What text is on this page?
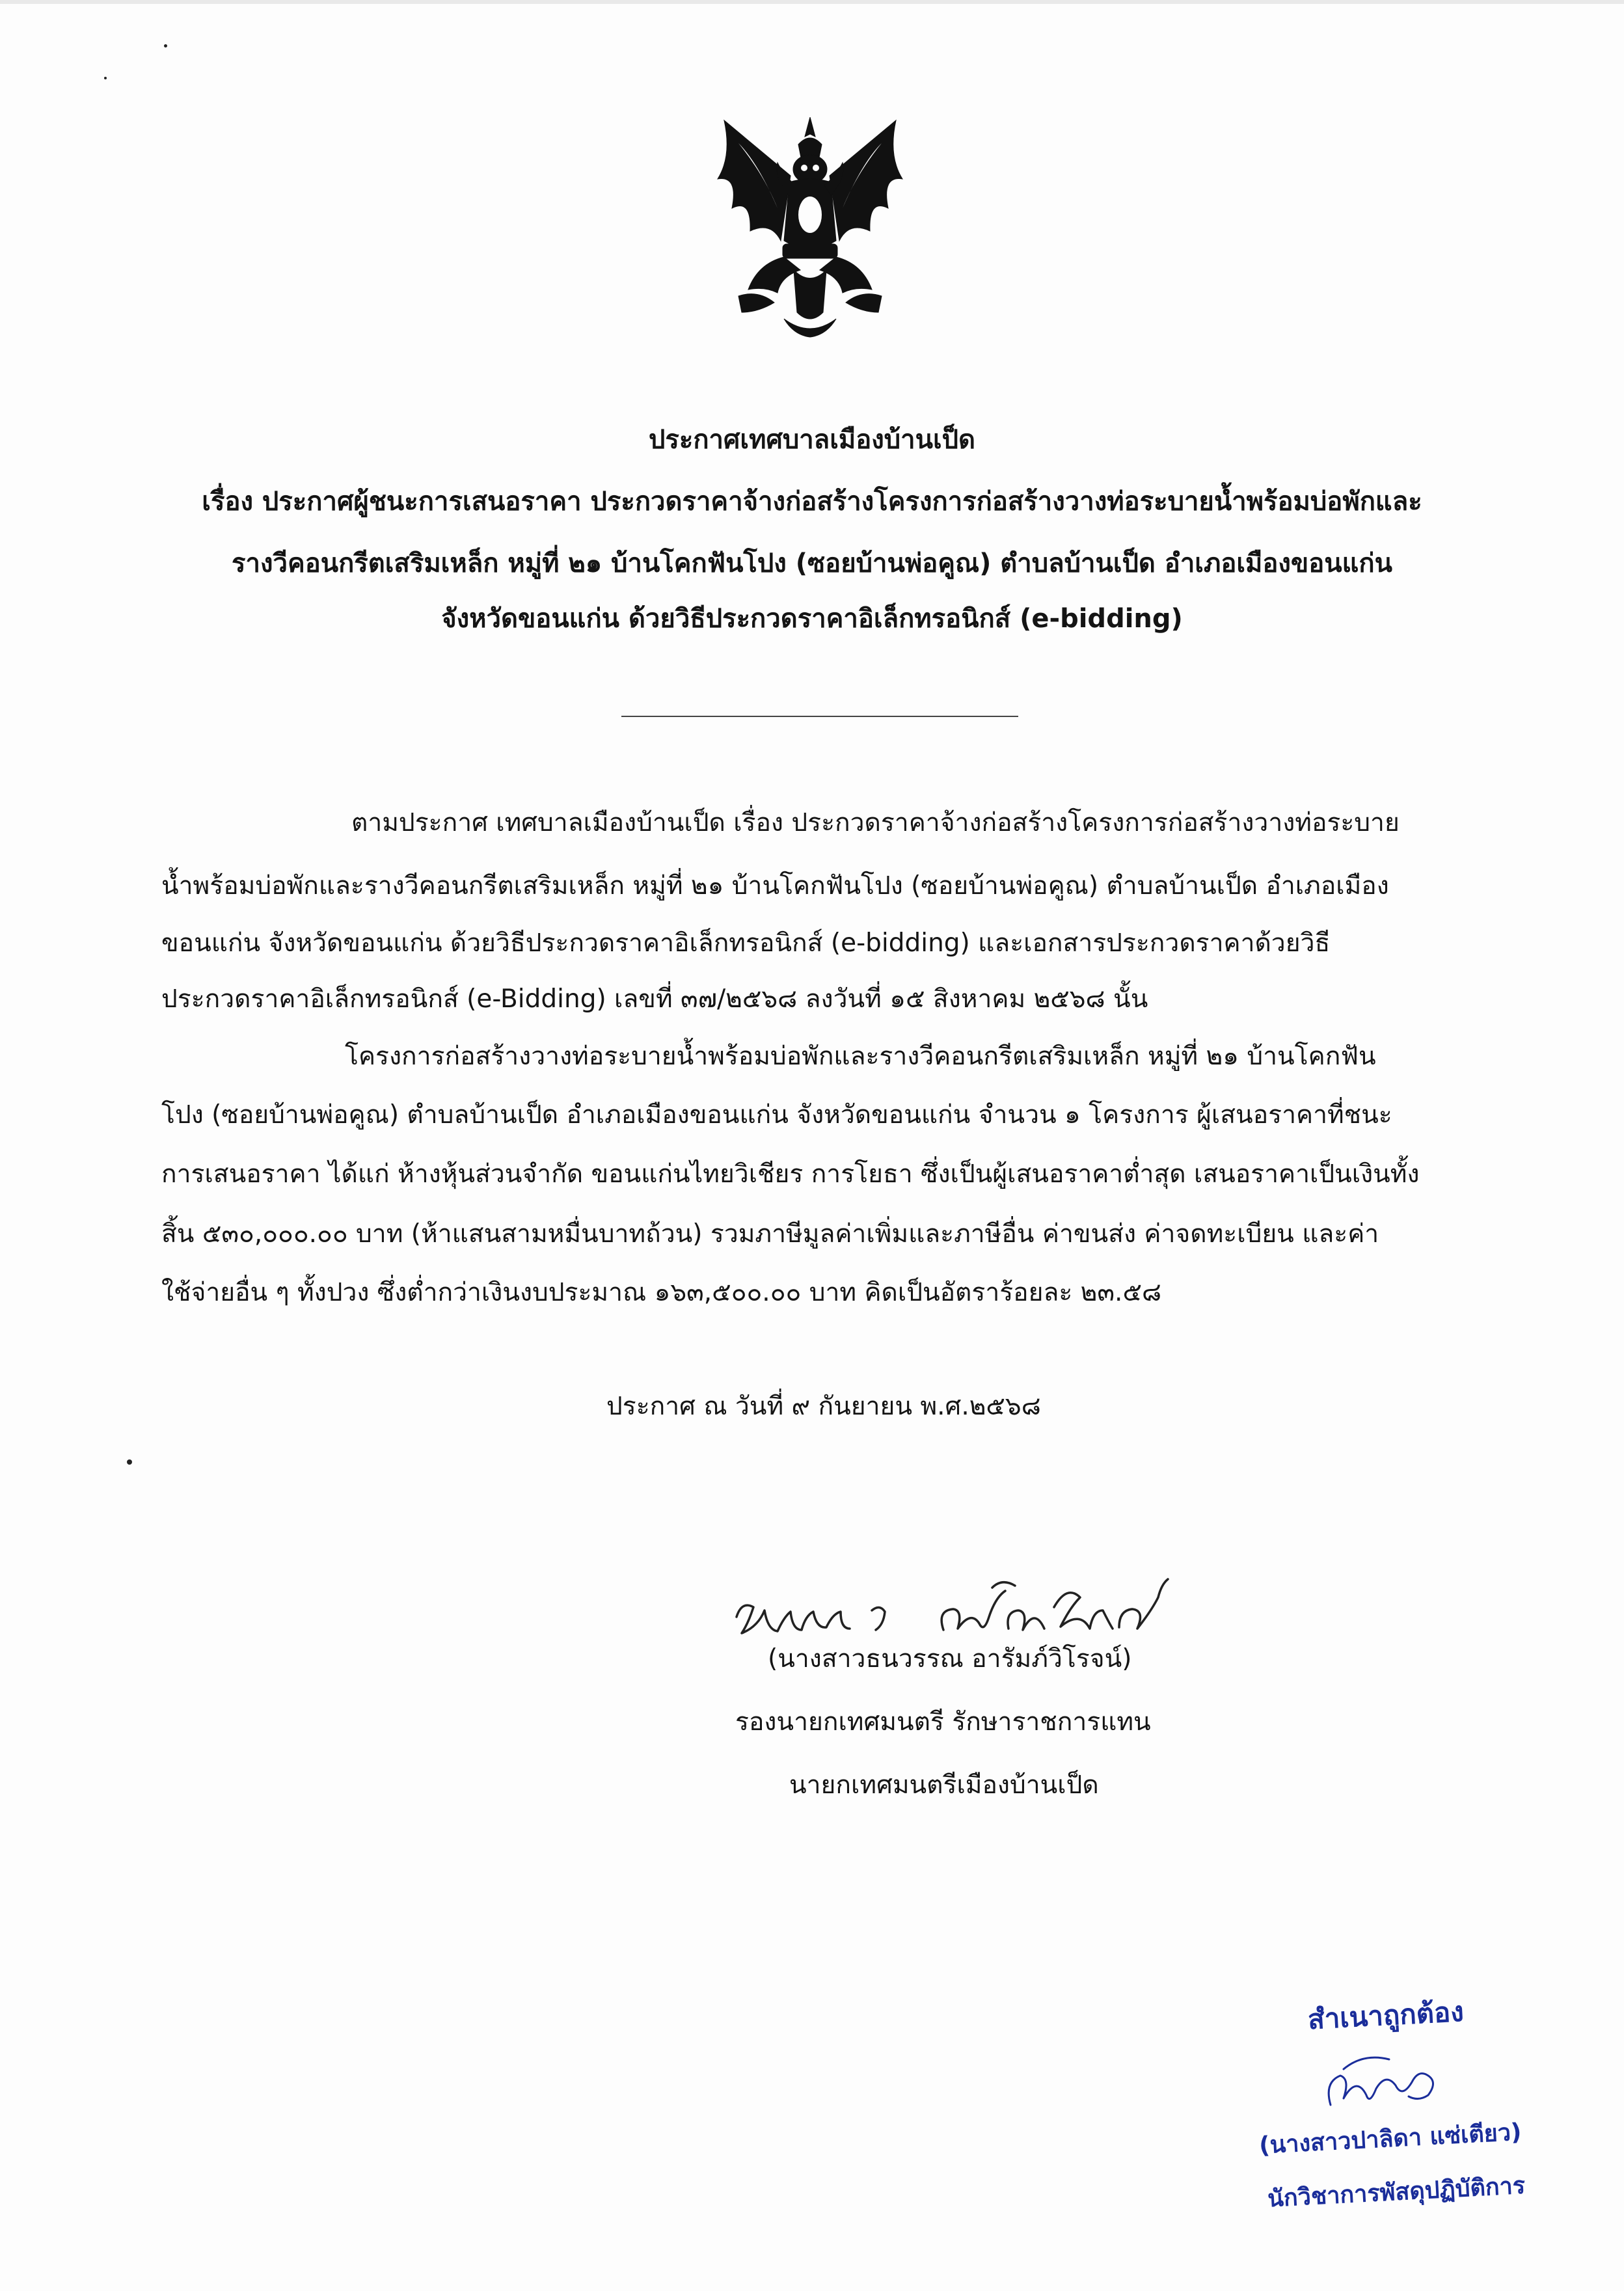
ประกาศเทศบาลเมืองบ้านเป็ด
เรื่อง ประกาศผู้ชนะการเสนอราคา ประกวดราคาจ้างก่อสร้างโครงการก่อสร้างวางท่อระบายน้ำพร้อมบ่อพักและ
รางวีคอนกรีตเสริมเหล็ก หมู่ที่ ๒๑ บ้านโคกฟันโปง (ซอยบ้านพ่อคูณ) ตำบลบ้านเป็ด อำเภอเมืองขอนแก่น
จังหวัดขอนแก่น ด้วยวิธีประกวดราคาอิเล็กทรอนิกส์ (e-bidding)
ตามประกาศ เทศบาลเมืองบ้านเป็ด เรื่อง ประกวดราคาจ้างก่อสร้างโครงการก่อสร้างวางท่อระบาย
น้ำพร้อมบ่อพักและรางวีคอนกรีตเสริมเหล็ก หมู่ที่ ๒๑ บ้านโคกฟันโปง (ซอยบ้านพ่อคูณ) ตำบลบ้านเป็ด อำเภอเมือง
ขอนแก่น จังหวัดขอนแก่น ด้วยวิธีประกวดราคาอิเล็กทรอนิกส์ (e-bidding) และเอกสารประกวดราคาด้วยวิธี
ประกวดราคาอิเล็กทรอนิกส์ (e-Bidding) เลขที่ ๓๗/๒๕๖๘ ลงวันที่ ๑๕ สิงหาคม ๒๕๖๘ นั้น
โครงการก่อสร้างวางท่อระบายน้ำพร้อมบ่อพักและรางวีคอนกรีตเสริมเหล็ก หมู่ที่ ๒๑ บ้านโคกฟัน
โปง (ซอยบ้านพ่อคูณ) ตำบลบ้านเป็ด อำเภอเมืองขอนแก่น จังหวัดขอนแก่น จำนวน ๑ โครงการ ผู้เสนอราคาที่ชนะ
การเสนอราคา ได้แก่ ห้างหุ้นส่วนจำกัด ขอนแก่นไทยวิเชียร การโยธา ซึ่งเป็นผู้เสนอราคาต่ำสุด เสนอราคาเป็นเงินทั้ง
สิ้น ๕๓๐,๐๐๐.๐๐ บาท (ห้าแสนสามหมื่นบาทถ้วน) รวมภาษีมูลค่าเพิ่มและภาษีอื่น ค่าขนส่ง ค่าจดทะเบียน และค่า
ใช้จ่ายอื่น ๆ ทั้งปวง ซึ่งต่ำกว่าเงินงบประมาณ ๑๖๓,๕๐๐.๐๐ บาท คิดเป็นอัตราร้อยละ ๒๓.๕๘
ประกาศ ณ วันที่ ๙ กันยายน พ.ศ.๒๕๖๘
(นางสาวธนวรรณ อารัมภ์วิโรจน์)
รองนายกเทศมนตรี รักษาราชการแทน
นายกเทศมนตรีเมืองบ้านเป็ด
สำเนาถูกต้อง
(นางสาวปาลิดา แซ่เตียว)
นักวิชาการพัสดุปฏิบัติการ
